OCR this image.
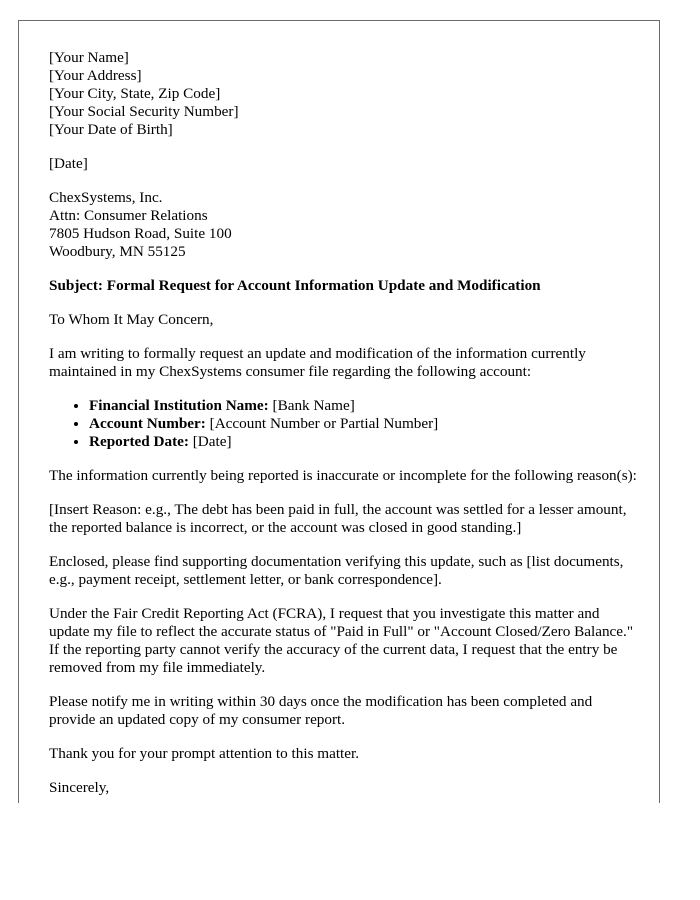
[Your Name]
[Your Address]
[Your City, State, Zip Code]
[Your Social Security Number]
[Your Date of Birth]

[Date]

ChexSystems, Inc.
Attn: Consumer Relations
7805 Hudson Road, Suite 100
Woodbury, MN 55125

Subject: Formal Request for Account Information Update and Modification

To Whom It May Concern,

I am writing to formally request an update and modification of the information currently maintained in my ChexSystems consumer file regarding the following account:

• Financial Institution Name: [Bank Name]
• Account Number: [Account Number or Partial Number]
• Reported Date: [Date]

The information currently being reported is inaccurate or incomplete for the following reason(s):

[Insert Reason: e.g., The debt has been paid in full, the account was settled for a lesser amount, the reported balance is incorrect, or the account was closed in good standing.]

Enclosed, please find supporting documentation verifying this update, such as [list documents, e.g., payment receipt, settlement letter, or bank correspondence].

Under the Fair Credit Reporting Act (FCRA), I request that you investigate this matter and update my file to reflect the accurate status of "Paid in Full" or "Account Closed/Zero Balance." If the reporting party cannot verify the accuracy of the current data, I request that the entry be removed from my file immediately.

Please notify me in writing within 30 days once the modification has been completed and provide an updated copy of my consumer report.

Thank you for your prompt attention to this matter.

Sincerely,
